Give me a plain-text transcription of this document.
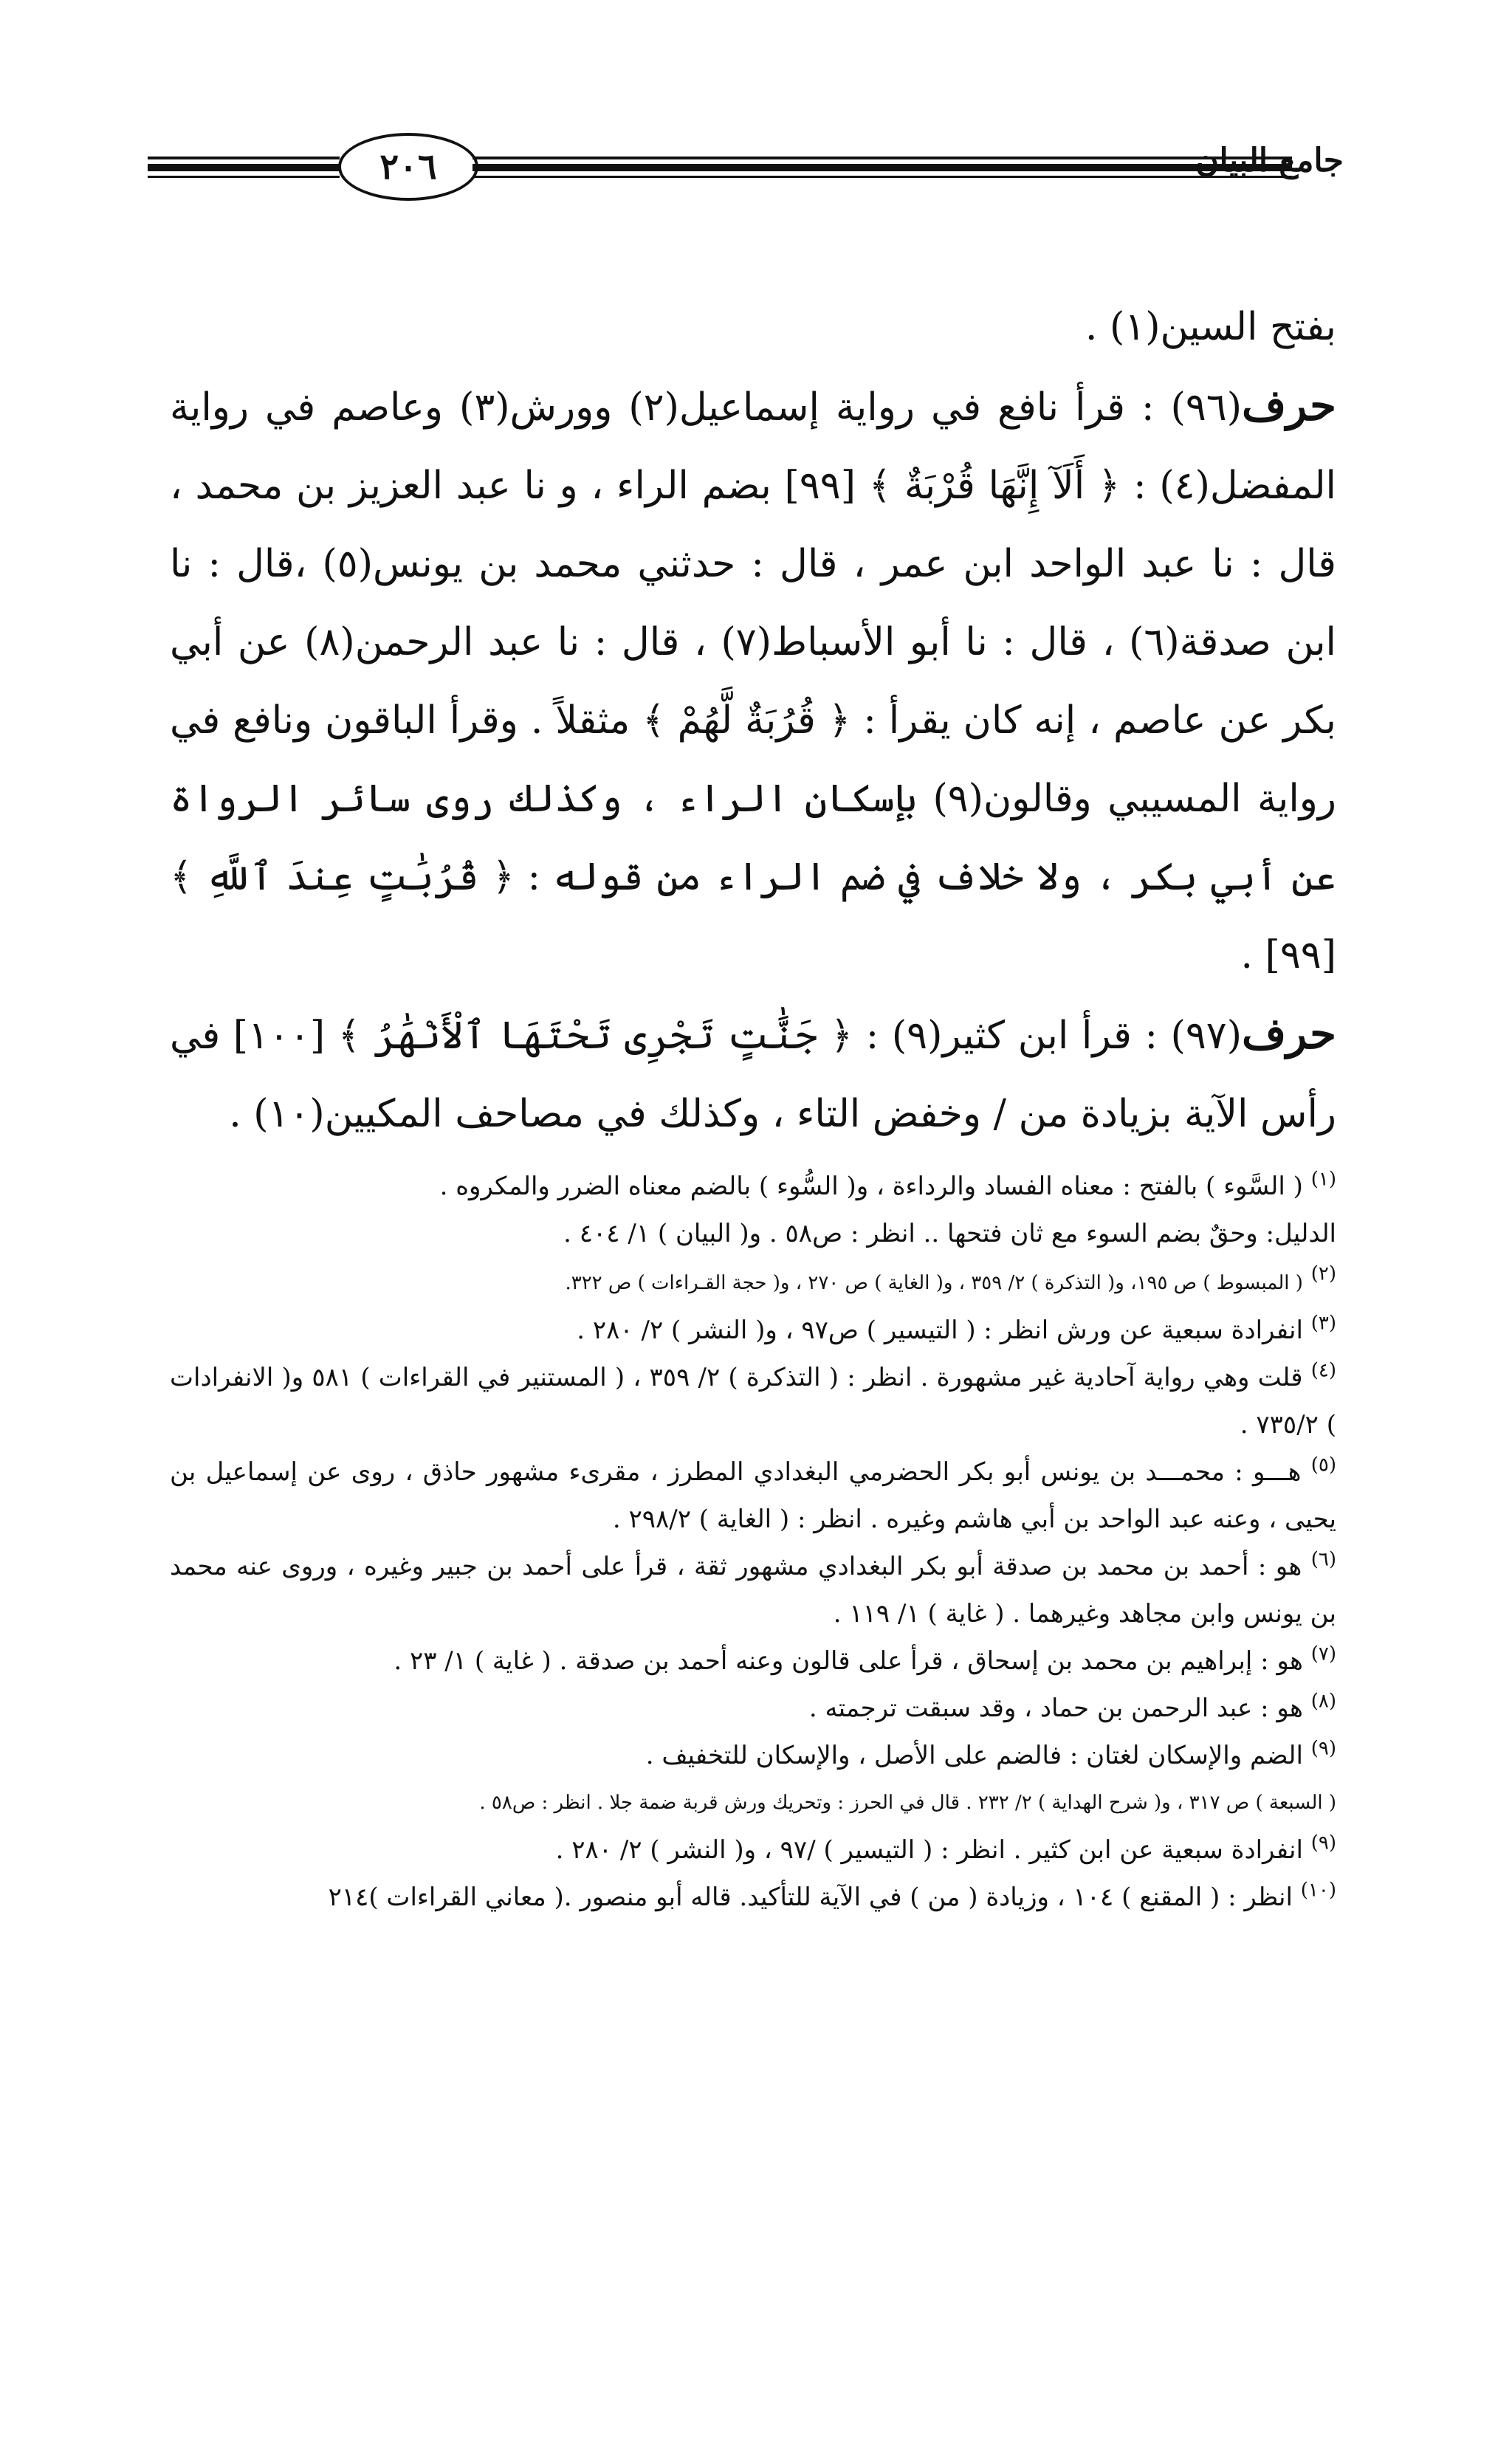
٢٠٦	جامع البيان

بفتح السين(١) .

حرف(٩٦) : قرأ نافع في رواية إسماعيل(٢) وورش(٣) وعاصم في رواية المفضل(٤) : ﴿ أَلَآ إِنَّهَا قُرْبَةٌ ﴾ [٩٩] بضم الراء ، و نا عبد العزيز بن محمد ، قال : نا عبد الواحد ابن عمر ، قال : حدثني محمد بن يونس(٥) ،قال : نا ابن صدقة(٦) ، قال : نا أبو الأسباط(٧) ، قال : نا عبد الرحمن(٨) عن أبي بكر عن عاصم ، إنه كان يقرأ : ﴿ قُرُبَةٌ لَّهُمْ ﴾ مثقلاً . وقرأ الباقون ونافع في رواية المسيبي وقالون(٩) بإسكان الراء ، وكذلك روى سائر الرواة عن أبي بكر ، ولا خلاف في ضم الراء من قوله : ﴿ قُرُبَٰتٍ عِندَ ٱللَّهِ ﴾ [٩٩] .

حرف(٩٧) : قرأ ابن كثير(٩) : ﴿ جَنَّٰتٍ تَجْرِى تَحْتَهَا ٱلْأَنْهَٰرُ ﴾ [١٠٠] في رأس الآية بزيادة من / وخفض التاء ، وكذلك في مصاحف المكيين(١٠) .

$^{(١)}$ ( السَّوء ) بالفتح : معناه الفساد والرداءة ، و( السُّوء ) بالضم معناه الضرر والمكروه .

الدليل: وحقٌ بضم السوء مع ثان فتحها .. انظر : ص٥٨ . و( البيان ) ١/ ٤٠٤ .

$^{(٢)}$ ( المبسوط ) ص ١٩٥، و( التذكرة ) ٢/ ٣٥٩ ، و( الغاية ) ص ٢٧٠ ، و( حجة القـراءات ) ص ٣٢٢.

$^{(٣)}$ انفرادة سبعية عن ورش انظر : ( التيسير ) ص٩٧ ، و( النشر ) ٢/ ٢٨٠ .

$^{(٤)}$ قلت وهي رواية آحادية غير مشهورة . انظر : ( التذكرة ) ٢/ ٣٥٩ ، ( المستنير في القراءات ) ٥٨١ و( الانفرادات ) ٧٣٥/٢ .

$^{(٥)}$ هـــو : محمـــد بن يونس أبو بكر الحضرمي البغدادي المطرز ، مقرىء مشهور حاذق ، روى عن إسماعيل بن يحيى ، وعنه عبد الواحد بن أبي هاشم وغيره . انظر : ( الغاية ) ٢٩٨/٢ .

$^{(٦)}$ هو : أحمد بن محمد بن صدقة أبو بكر البغدادي مشهور ثقة ، قرأ على أحمد بن جبير وغيره ، وروى عنه محمد بن يونس وابن مجاهد وغيرهما . ( غاية ) ١/ ١١٩ .

$^{(٧)}$ هو : إبراهيم بن محمد بن إسحاق ، قرأ على قالون وعنه أحمد بن صدقة . ( غاية ) ١/ ٢٣ .

$^{(٨)}$ هو : عبد الرحمن بن حماد ، وقد سبقت ترجمته .

$^{(٩)}$ الضم والإسكان لغتان : فالضم على الأصل ، والإسكان للتخفيف .

( السبعة ) ص ٣١٧ ، و( شرح الهداية ) ٢/ ٢٣٢ . قال في الحرز : وتحريك ورش قربة ضمة جلا . انظر : ص٥٨ .

$^{(٩)}$ انفرادة سبعية عن ابن كثير . انظر : ( التيسير ) /٩٧ ، و( النشر ) ٢/ ٢٨٠ .

$^{(١٠)}$ انظر : ( المقنع ) ١٠٤ ، وزيادة ( من ) في الآية للتأكيد. قاله أبو منصور .( معاني القراءات )٢١٤
